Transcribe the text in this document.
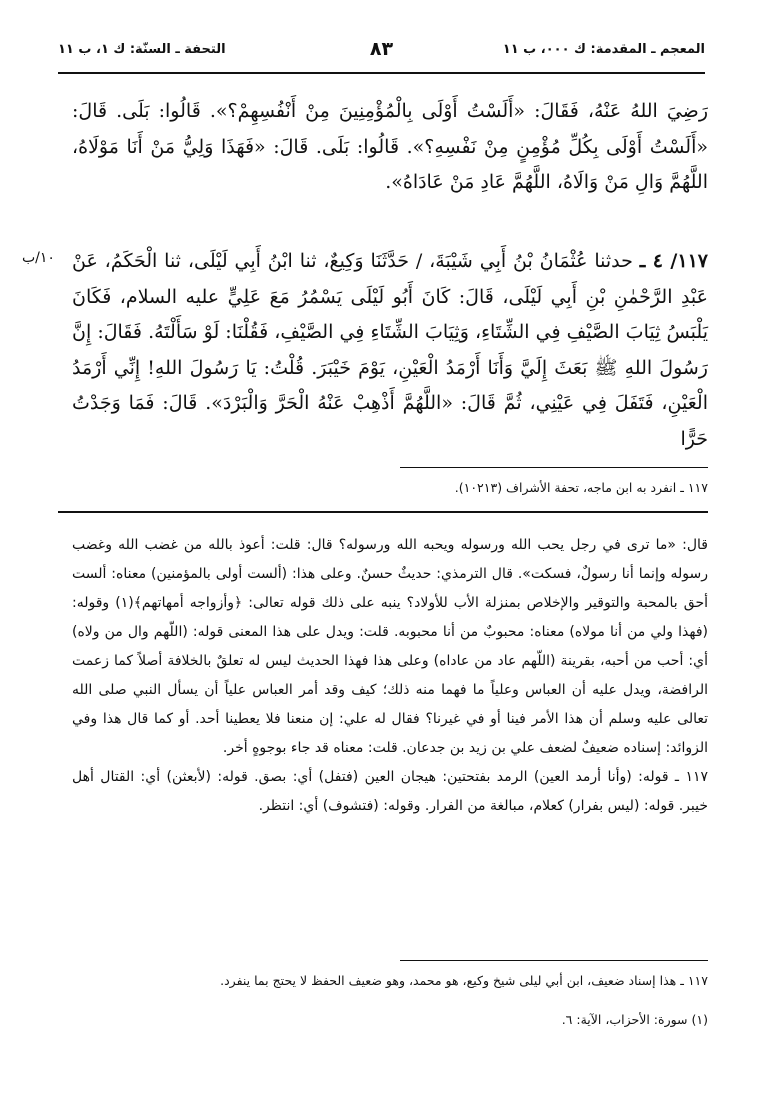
المعجم ـ المقدمة: ك ٠٠٠، ب ١١
٨٣
التحفة ـ السنّة: ك ١، ب ١١

رَضِيَ اللهُ عَنْهُ، فَقَالَ: «أَلَسْتُ أَوْلَى بِالْمُؤْمِنِينَ مِنْ أَنْفُسِهِمْ؟». قَالُوا: بَلَى. قَالَ: «أَلَسْتُ أَوْلَى بِكُلِّ مُؤْمِنٍ مِنْ نَفْسِهِ؟». قَالُوا: بَلَى. قَالَ: «فَهَذَا وَلِيُّ مَنْ أَنَا مَوْلَاهُ، اللَّهُمَّ وَالِ مَنْ وَالَاهُ، اللَّهُمَّ عَادِ مَنْ عَادَاهُ».

١٠/ب	١١٧/ ٤ ـ حدثنا عُثْمَانُ بْنُ أَبِي شَيْبَةَ، / حَدَّثَنَا وَكِيعٌ، ثنا ابْنُ أَبِي لَيْلَى، ثنا الْحَكَمُ، عَنْ عَبْدِ الرَّحْمٰنِ بْنِ أَبِي لَيْلَى، قَالَ: كَانَ أَبُو لَيْلَى يَسْمُرُ مَعَ عَلِيٍّ عليه السلام، فَكَانَ يَلْبَسُ ثِيَابَ الصَّيْفِ فِي الشِّتَاءِ، وَثِيَابَ الشِّتَاءِ فِي الصَّيْفِ، فَقُلْنَا: لَوْ سَأَلْتَهُ. فَقَالَ: إِنَّ رَسُولَ اللهِ ﷺ بَعَثَ إِلَيَّ وَأَنَا أَرْمَدُ الْعَيْنِ، يَوْمَ خَيْبَرَ. قُلْتُ: يَا رَسُولَ اللهِ! إِنِّي أَرْمَدُ الْعَيْنِ، فَتَفَلَ فِي عَيْنِي، ثُمَّ قَالَ: «اللَّهُمَّ أَذْهِبْ عَنْهُ الْحَرَّ وَالْبَرْدَ». قَالَ: فَمَا وَجَدْتُ حَرًّا

١١٧ ـ انفرد به ابن ماجه، تحفة الأشراف (١٠٢١٣).

قال: «ما ترى في رجل يحب الله ورسوله ويحبه الله ورسوله؟ قال: قلت: أعوذ بالله من غضب الله وغضب رسوله وإنما أنا رسولٌ، فسكت». قال الترمذي: حديثٌ حسنٌ. وعلى هذا: (ألست أولى بالمؤمنين) معناه: ألست أحق بالمحبة والتوقير والإخلاص بمنزلة الأب للأولاد؟ ينبه على ذلك قوله تعالى: ﴿وأزواجه أمهاتهم﴾(١) وقوله: (فهذا ولي من أنا مولاه) معناه: محبوبٌ من أنا محبوبه. قلت: ويدل على هذا المعنى قوله: (اللّهم وال من ولاه) أي: أحب من أحبه، بقرينة (اللّهم عاد من عاداه) وعلى هذا فهذا الحديث ليس له تعلقٌ بالخلافة أصلاً كما زعمت الرافضة، ويدل عليه أن العباس وعلياً ما فهما منه ذلك؛ كيف وقد أمر العباس علياً أن يسأل النبي صلى الله تعالى عليه وسلم أن هذا الأمر فينا أو في غيرنا؟ فقال له علي: إن منعنا فلا يعطينا أحد. أو كما قال هذا وفي الزوائد: إسناده ضعيفٌ لضعف علي بن زيد بن جدعان. قلت: معناه قد جاء بوجوهٍ أخر.

١١٧ ـ قوله: (وأنا أرمد العين) الرمد بفتحتين: هيجان العين (فتفل) أي: بصق. قوله: (لأبعثن) أي: القتال أهل خيبر. قوله: (ليس بفرار) كعلام، مبالغة من الفرار. وقوله: (فتشوف) أي: انتظر.

١١٧ ـ هذا إسناد ضعيف، ابن أبي ليلى شيخ وكيع، هو محمد، وهو ضعيف الحفظ لا يحتج بما ينفرد.

(١) سورة: الأحزاب، الآية: ٦.
